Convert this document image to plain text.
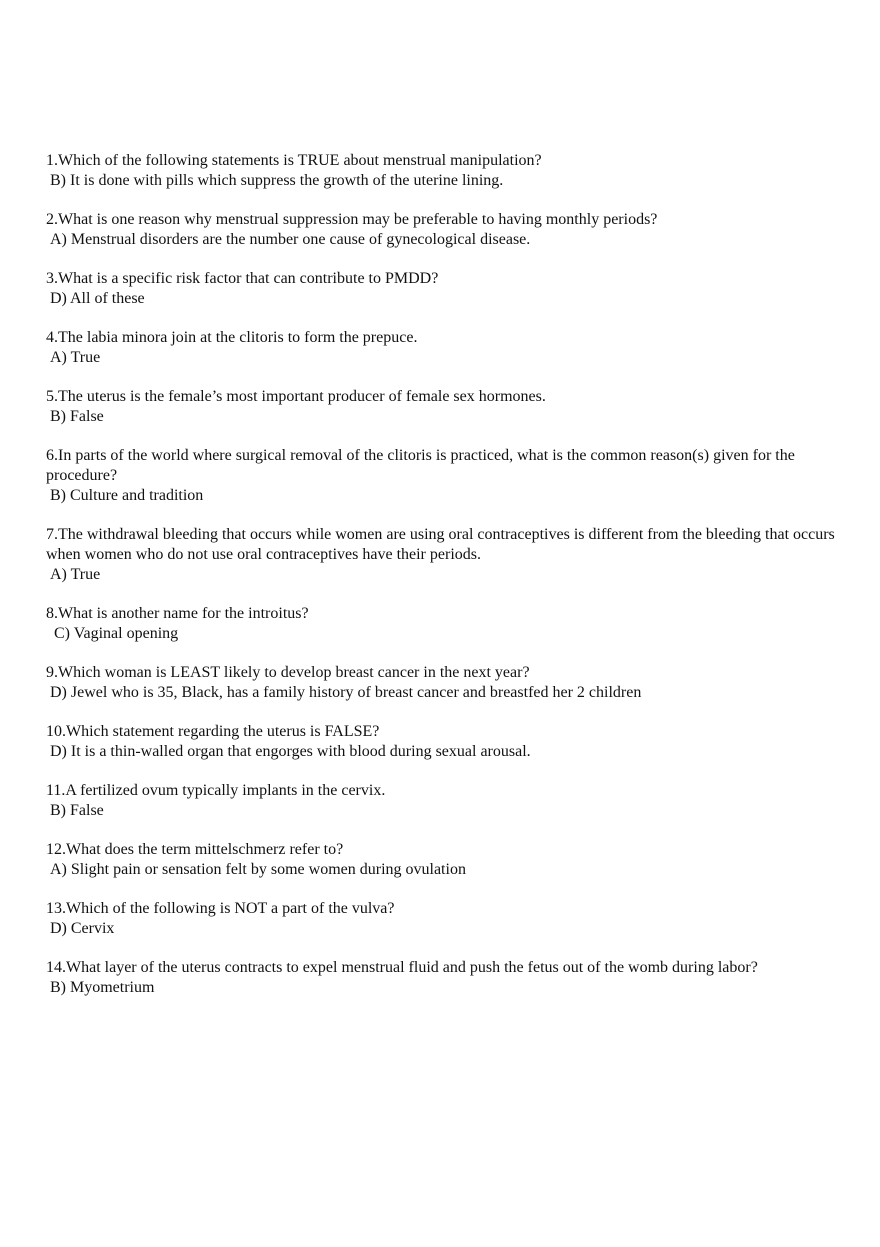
1.Which of the following statements is TRUE about menstrual manipulation?
B) It is done with pills which suppress the growth of the uterine lining.
2.What is one reason why menstrual suppression may be preferable to having monthly periods?
A) Menstrual disorders are the number one cause of gynecological disease.
3.What is a specific risk factor that can contribute to PMDD?
D) All of these
4.The labia minora join at the clitoris to form the prepuce.
A) True
5.The uterus is the female’s most important producer of female sex hormones.
B) False
6.In parts of the world where surgical removal of the clitoris is practiced, what is the common reason(s) given for the procedure?
B) Culture and tradition
7.The withdrawal bleeding that occurs while women are using oral contraceptives is different from the bleeding that occurs when women who do not use oral contraceptives have their periods.
A) True
8.What is another name for the introitus?
C) Vaginal opening
9.Which woman is LEAST likely to develop breast cancer in the next year?
D) Jewel who is 35, Black, has a family history of breast cancer and breastfed her 2 children
10.Which statement regarding the uterus is FALSE?
D) It is a thin-walled organ that engorges with blood during sexual arousal.
11.A fertilized ovum typically implants in the cervix.
B) False
12.What does the term mittelschmerz refer to?
A) Slight pain or sensation felt by some women during ovulation
13.Which of the following is NOT a part of the vulva?
D) Cervix
14.What layer of the uterus contracts to expel menstrual fluid and push the fetus out of the womb during labor?
B) Myometrium
